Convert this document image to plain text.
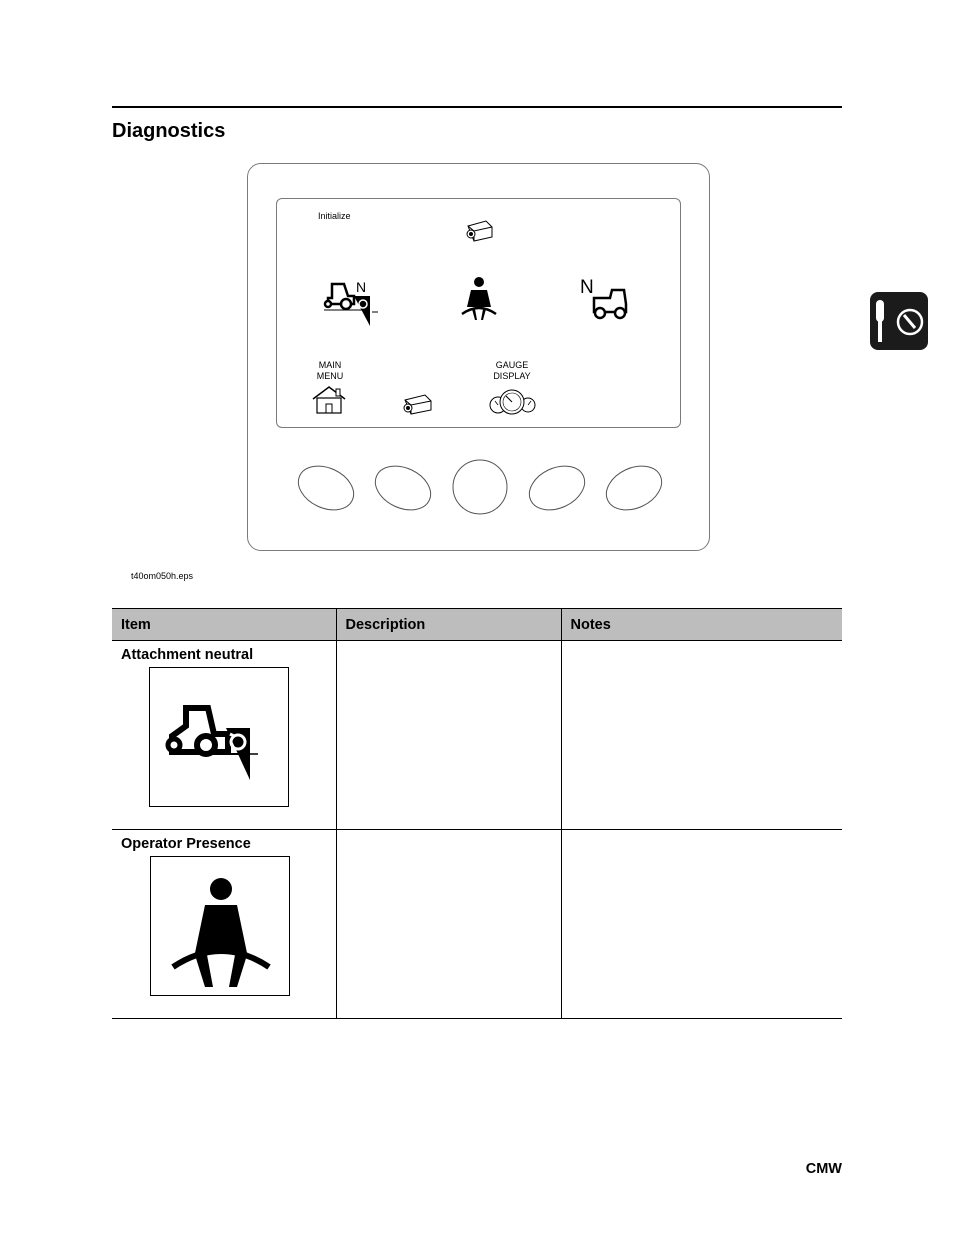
Diagnostics
Initialize
N	N
MAIN
MENU
GAUGE
DISPLAY
t40om050h.eps
Item	Description	Notes

Attachment neutral		

Operator Presence		

CMW
